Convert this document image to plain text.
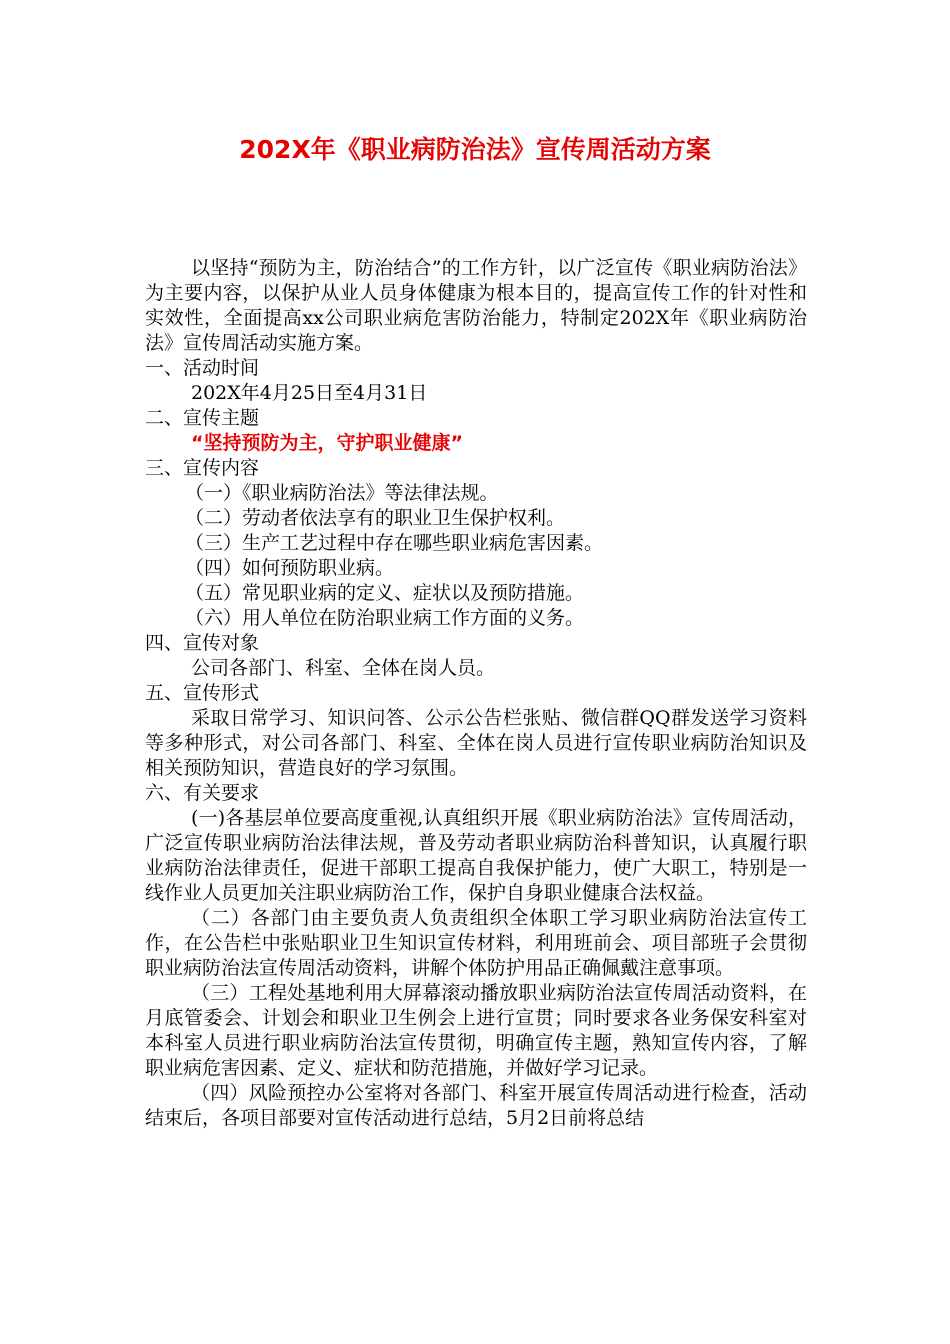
202X年《职业病防治法》宣传周活动方案

以坚持“预防为主，防治结合”的工作方针，以广泛宣传《职业病防治法》为主要内容，以保护从业人员身体健康为根本目的，提高宣传工作的针对性和实效性，全面提高xx公司职业病危害防治能力，特制定202X年《职业病防治法》宣传周活动实施方案。

一、活动时间

202X年4月25日至4月31日

二、宣传主题

“坚持预防为主，守护职业健康”

三、宣传内容

（一）《职业病防治法》等法律法规。

（二）劳动者依法享有的职业卫生保护权利。

（三）生产工艺过程中存在哪些职业病危害因素。

（四）如何预防职业病。

（五）常见职业病的定义、症状以及预防措施。

（六）用人单位在防治职业病工作方面的义务。

四、宣传对象

公司各部门、科室、全体在岗人员。

五、宣传形式

采取日常学习、知识问答、公示公告栏张贴、微信群QQ群发送学习资料等多种形式，对公司各部门、科室、全体在岗人员进行宣传职业病防治知识及相关预防知识，营造良好的学习氛围。

六、有关要求

(一)各基层单位要高度重视,认真组织开展《职业病防治法》宣传周活动，广泛宣传职业病防治法律法规，普及劳动者职业病防治科普知识，认真履行职业病防治法律责任，促进干部职工提高自我保护能力，使广大职工，特别是一线作业人员更加关注职业病防治工作，保护自身职业健康合法权益。

（二）各部门由主要负责人负责组织全体职工学习职业病防治法宣传工作，在公告栏中张贴职业卫生知识宣传材料，利用班前会、项目部班子会贯彻职业病防治法宣传周活动资料，讲解个体防护用品正确佩戴注意事项。

（三）工程处基地利用大屏幕滚动播放职业病防治法宣传周活动资料，在月底管委会、计划会和职业卫生例会上进行宣贯；同时要求各业务保安科室对本科室人员进行职业病防治法宣传贯彻，明确宣传主题，熟知宣传内容，了解职业病危害因素、定义、症状和防范措施，并做好学习记录。

（四）风险预控办公室将对各部门、科室开展宣传周活动进行检查，活动结束后，各项目部要对宣传活动进行总结，5月2日前将总结
